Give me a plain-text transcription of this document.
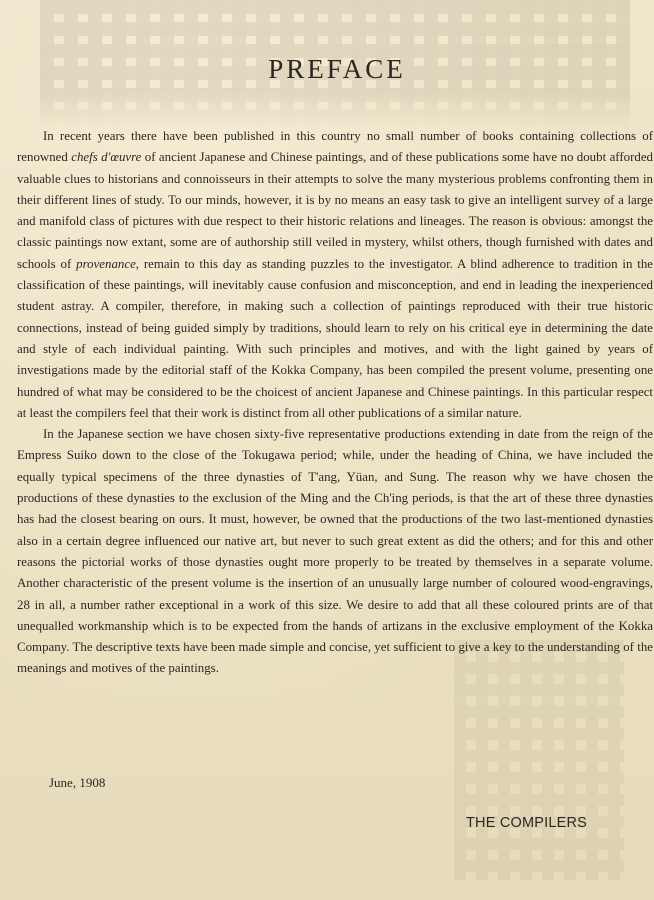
PREFACE

In recent years there have been published in this country no small number of books containing collections of renowned chefs d'œuvre of ancient Japanese and Chinese paintings, and of these publications some have no doubt afforded valuable clues to historians and connoisseurs in their attempts to solve the many mysterious problems confronting them in their different lines of study. To our minds, however, it is by no means an easy task to give an intelligent survey of a large and manifold class of pictures with due respect to their historic relations and lineages. The reason is obvious: amongst the classic paintings now extant, some are of authorship still veiled in mystery, whilst others, though furnished with dates and schools of provenance, remain to this day as standing puzzles to the investigator. A blind adherence to tradition in the classification of these paintings, will inevitably cause confusion and misconception, and end in leading the inexperienced student astray. A compiler, therefore, in making such a collection of paintings reproduced with their true historic connections, instead of being guided simply by traditions, should learn to rely on his critical eye in determining the date and style of each individual painting. With such principles and motives, and with the light gained by years of investigations made by the editorial staff of the Kokka Company, has been compiled the present volume, presenting one hundred of what may be considered to be the choicest of ancient Japanese and Chinese paintings. In this particular respect at least the compilers feel that their work is distinct from all other publications of a similar nature.

In the Japanese section we have chosen sixty-five representative productions extending in date from the reign of the Empress Suiko down to the close of the Tokugawa period; while, under the heading of China, we have included the equally typical specimens of the three dynasties of T'ang, Yüan, and Sung. The reason why we have chosen the productions of these dynasties to the exclusion of the Ming and the Ch'ing periods, is that the art of these three dynasties has had the closest bearing on ours. It must, however, be owned that the productions of the two last-mentioned dynasties also in a certain degree influenced our native art, but never to such great extent as did the others; and for this and other reasons the pictorial works of those dynasties ought more properly to be treated by themselves in a separate volume. Another characteristic of the present volume is the insertion of an unusually large number of coloured wood-engravings, 28 in all, a number rather exceptional in a work of this size. We desire to add that all these coloured prints are of that unequalled workmanship which is to be expected from the hands of artizans in the exclusive employment of the Kokka Company. The descriptive texts have been made simple and concise, yet sufficient to give a key to the understanding of the meanings and motives of the paintings.

June, 1908
THE COMPILERS
